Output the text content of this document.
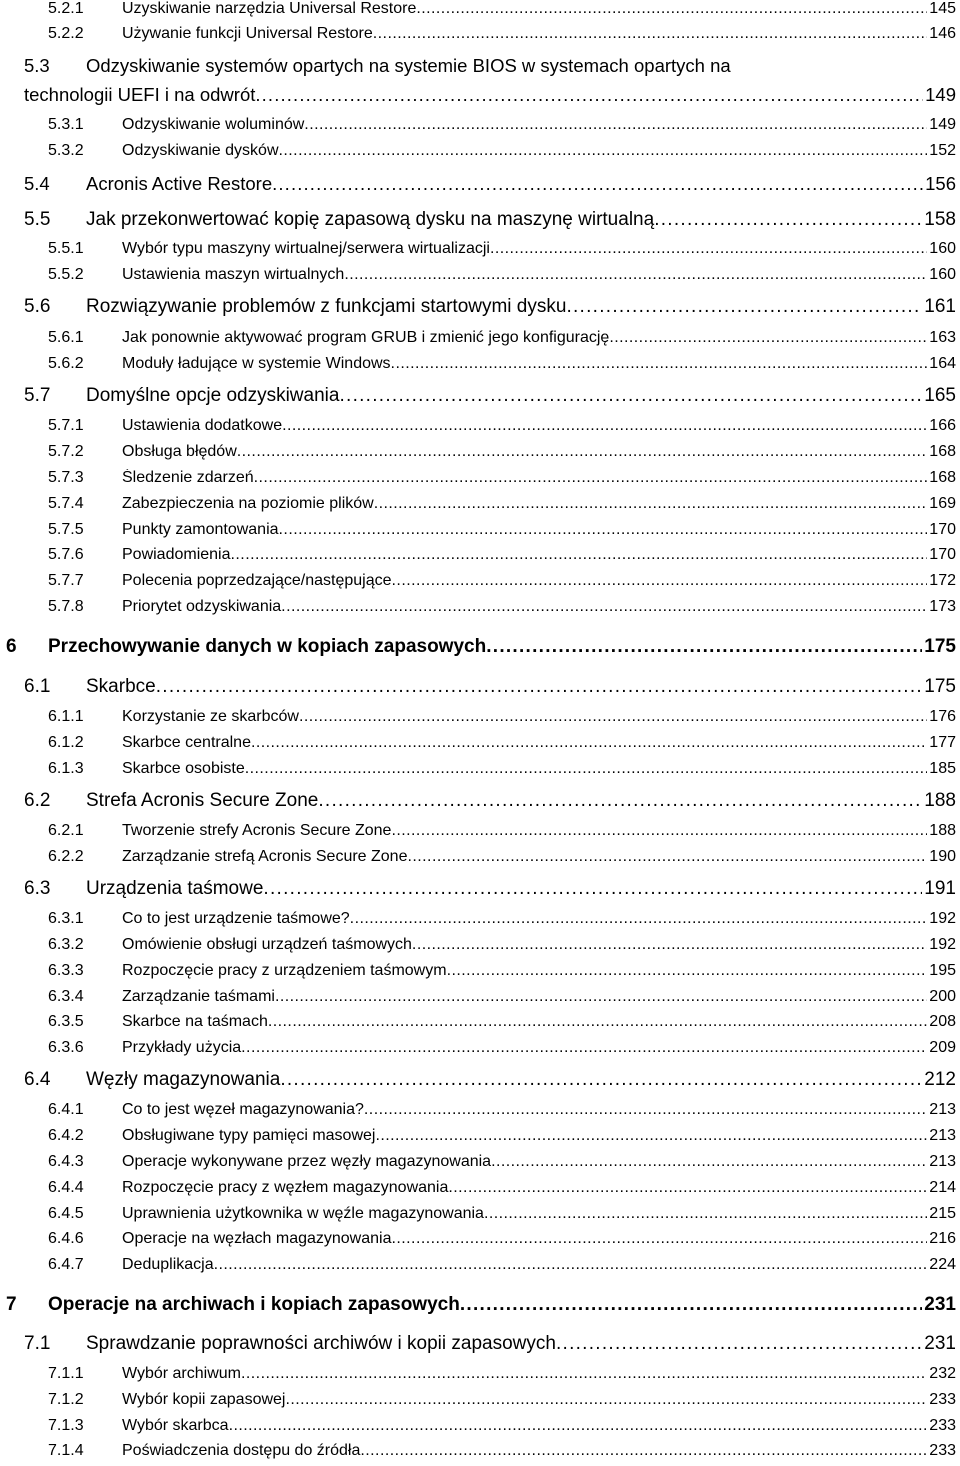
5.2.1	Uzyskiwanie narzędzia Universal Restore . . .	145
5.2.2	Używanie funkcji Universal Restore . . .	146
5.3 Odzyskiwanie systemów opartych na systemie BIOS w systemach opartych na
technologii UEFI i na odwrót . . .	149
5.3.1	Odzyskiwanie woluminów . . .	149
5.3.2	Odzyskiwanie dysków . . .	152
5.4	Acronis Active Restore . . .	156
5.5	Jak przekonwertować kopię zapasową dysku na maszynę wirtualną . . .	158
5.5.1	Wybór typu maszyny wirtualnej/serwera wirtualizacji . . .	160
5.5.2	Ustawienia maszyn wirtualnych . . .	160
5.6	Rozwiązywanie problemów z funkcjami startowymi dysku . . .	161
5.6.1	Jak ponownie aktywować program GRUB i zmienić jego konfigurację . . .	163
5.6.2	Moduły ładujące w systemie Windows . . .	164
5.7	Domyślne opcje odzyskiwania . . .	165
5.7.1	Ustawienia dodatkowe . . .	166
5.7.2	Obsługa błędów . . .	168
5.7.3	Śledzenie zdarzeń . . .	168
5.7.4	Zabezpieczenia na poziomie plików . . .	169
5.7.5	Punkty zamontowania . . .	170
5.7.6	Powiadomienia . . .	170
5.7.7	Polecenia poprzedzające/następujące . . .	172
5.7.8	Priorytet odzyskiwania . . .	173
6	Przechowywanie danych w kopiach zapasowych . . .	175
6.1	Skarbce . . .	175
6.1.1	Korzystanie ze skarbców . . .	176
6.1.2	Skarbce centralne . . .	177
6.1.3	Skarbce osobiste . . .	185
6.2	Strefa Acronis Secure Zone . . .	188
6.2.1	Tworzenie strefy Acronis Secure Zone . . .	188
6.2.2	Zarządzanie strefą Acronis Secure Zone . . .	190
6.3	Urządzenia taśmowe . . .	191
6.3.1	Co to jest urządzenie taśmowe? . . .	192
6.3.2	Omówienie obsługi urządzeń taśmowych . . .	192
6.3.3	Rozpoczęcie pracy z urządzeniem taśmowym . . .	195
6.3.4	Zarządzanie taśmami . . .	200
6.3.5	Skarbce na taśmach . . .	208
6.3.6	Przykłady użycia . . .	209
6.4	Węzły magazynowania . . .	212
6.4.1	Co to jest węzeł magazynowania? . . .	213
6.4.2	Obsługiwane typy pamięci masowej . . .	213
6.4.3	Operacje wykonywane przez węzły magazynowania . . .	213
6.4.4	Rozpoczęcie pracy z węzłem magazynowania . . .	214
6.4.5	Uprawnienia użytkownika w węźle magazynowania . . .	215
6.4.6	Operacje na węzłach magazynowania . . .	216
6.4.7	Deduplikacja . . .	224
7	Operacje na archiwach i kopiach zapasowych . . .	231
7.1	Sprawdzanie poprawności archiwów i kopii zapasowych . . .	231
7.1.1	Wybór archiwum . . .	232
7.1.2	Wybór kopii zapasowej . . .	233
7.1.3	Wybór skarbca . . .	233
7.1.4	Poświadczenia dostępu do źródła . . .	233
